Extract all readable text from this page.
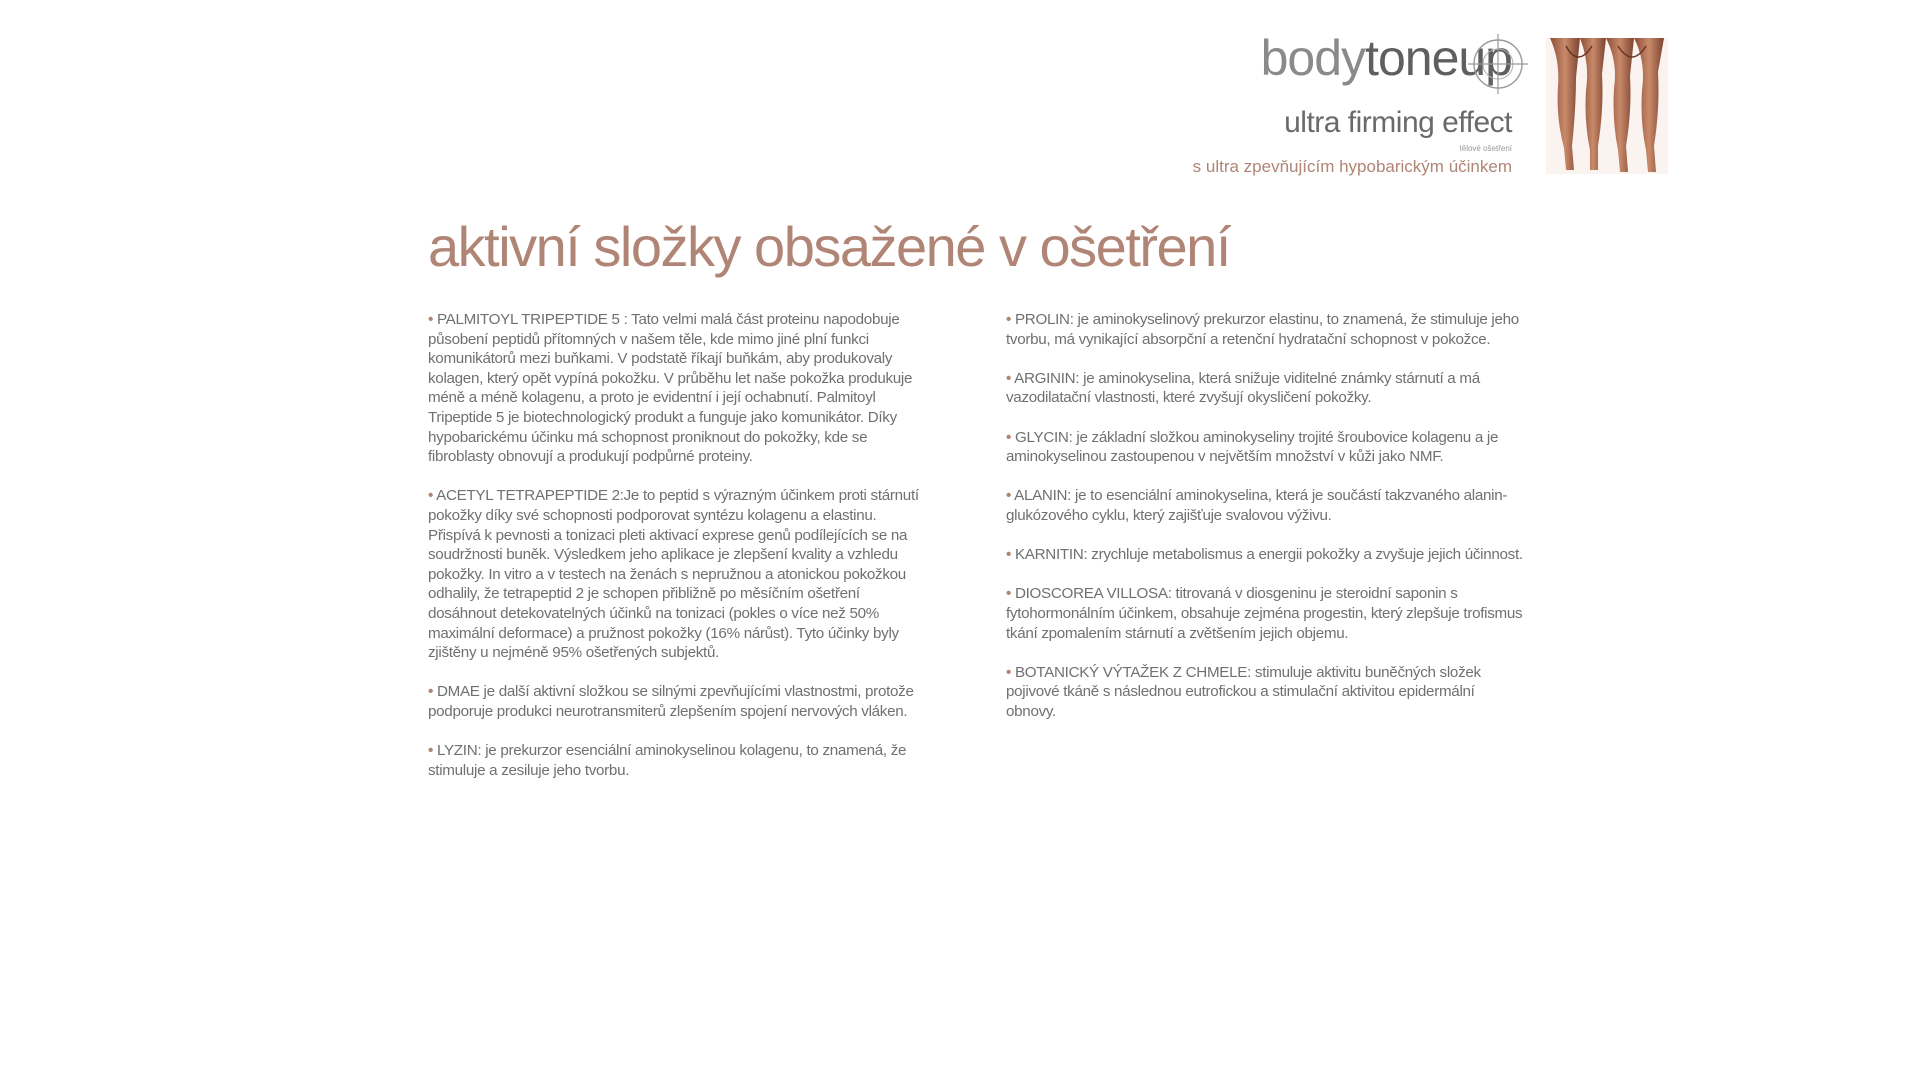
bodytoneup
ultra firming effect
tělové ošetření
s ultra zpevňujícím hypobarickým účinkem
aktivní složky obsažené v ošetření

• PALMITOYL TRIPEPTIDE 5 : Tato velmi malá část proteinu napodobuje působení peptidů přítomných v našem těle, kde mimo jiné plní funkci komunikátorů mezi buňkami. V podstatě říkají buňkám, aby produkovaly kolagen, který opět vypíná pokožku. V průběhu let naše pokožka produkuje méně a méně kolagenu, a proto je evidentní i její ochabnutí. Palmitoyl Tripeptide 5 je biotechnologický produkt a funguje jako komunikátor. Díky hypobarickému účinku má schopnost proniknout do pokožky, kde se fibroblasty obnovují a produkují podpůrné proteiny.

• ACETYL TETRAPEPTIDE 2:Je to peptid s výrazným účinkem proti stárnutí pokožky díky své schopnosti podporovat syntézu kolagenu a elastinu. Přispívá k pevnosti a tonizaci pleti aktivací exprese genů podílejících se na soudržnosti buněk. Výsledkem jeho aplikace je zlepšení kvality a vzhledu pokožky. In vitro a v testech na ženách s nepružnou a atonickou pokožkou odhalily, že tetrapeptid 2 je schopen přibližně po měsíčním ošetření dosáhnout detekovatelných účinků na tonizaci (pokles o více než 50% maximální deformace) a pružnost pokožky (16% nárůst). Tyto účinky byly zjištěny u nejméně 95% ošetřených subjektů.

• DMAE je další aktivní složkou se silnými zpevňujícími vlastnostmi, protože podporuje produkci neurotransmiterů zlepšením spojení nervových vláken.

• LYZIN: je prekurzor esenciální aminokyselinou kolagenu, to znamená, že stimuluje a zesiluje jeho tvorbu.

• PROLIN: je aminokyselinový prekurzor elastinu, to znamená, že stimuluje jeho tvorbu, má vynikající absorpční a retenční hydratační schopnost v pokožce.

• ARGININ: je aminokyselina, která snižuje viditelné známky stárnutí a má vazodilatační vlastnosti, které zvyšují okysličení pokožky.

• GLYCIN: je základní složkou aminokyseliny trojité šroubovice kolagenu a je aminokyselinou zastoupenou v největším množství v kůži jako NMF.

• ALANIN: je to esenciální aminokyselina, která je součástí takzvaného alanin-glukózového cyklu, který zajišťuje svalovou výživu.

• KARNITIN: zrychluje metabolismus a energii pokožky a zvyšuje jejich účinnost.

• DIOSCOREA VILLOSA: titrovaná v diosgeninu je steroidní saponin s fytohormonálním účinkem, obsahuje zejména progestin, který zlepšuje trofismus tkání zpomalením stárnutí a zvětšením jejich objemu.

• BOTANICKÝ VÝTAŽEK Z CHMELE: stimuluje aktivitu buněčných složek pojivové tkáně s následnou eutrofickou a stimulační aktivitou epidermální obnovy.
